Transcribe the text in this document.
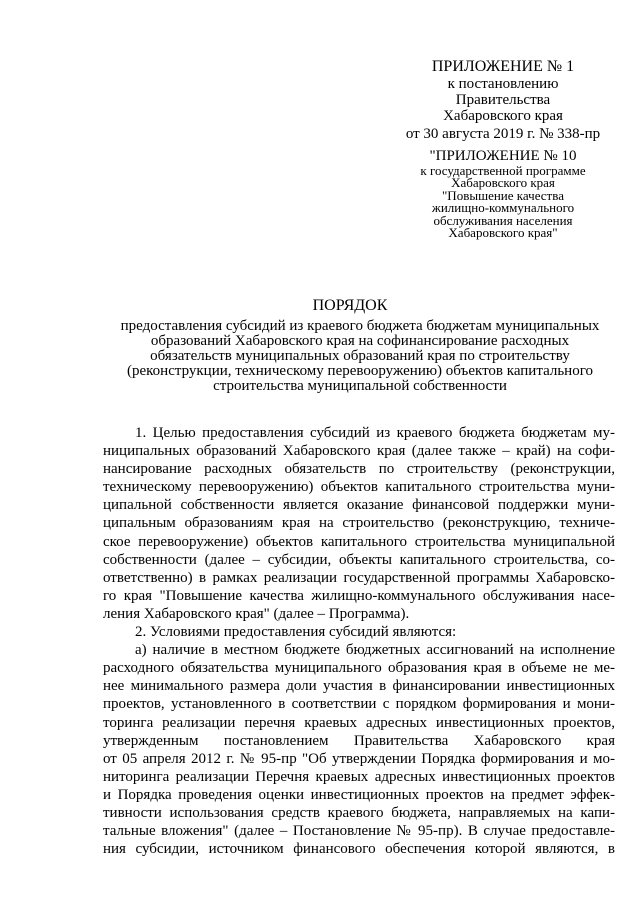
ПРИЛОЖЕНИЕ № 1
к постановлению
Правительства
Хабаровского края
от 30 августа 2019 г. № 338-пр
"ПРИЛОЖЕНИЕ № 10
к государственной программе
Хабаровского края
"Повышение качества
жилищно-коммунального
обслуживания населения
Хабаровского края"
ПОРЯДОК
предоставления субсидий из краевого бюджета бюджетам муниципальных
образований Хабаровского края на софинансирование расходных
обязательств муниципальных образований края по строительству
(реконструкции, техническому перевооружению) объектов капитального
строительства муниципальной собственности
1. Целью предоставления субсидий из краевого бюджета бюджетам му-
ниципальных образований Хабаровского края (далее также – край) на софи-
нансирование расходных обязательств по строительству (реконструкции,
техническому перевооружению) объектов капитального строительства муни-
ципальной собственности является оказание финансовой поддержки муни-
ципальным образованиям края на строительство (реконструкцию, техниче-
ское перевооружение) объектов капитального строительства муниципальной
собственности (далее – субсидии, объекты капитального строительства, со-
ответственно) в рамках реализации государственной программы Хабаровско-
го края "Повышение качества жилищно-коммунального обслуживания насе-
ления Хабаровского края" (далее – Программа).
2. Условиями предоставления субсидий являются:
а) наличие в местном бюджете бюджетных ассигнований на исполнение
расходного обязательства муниципального образования края в объеме не ме-
нее минимального размера доли участия в финансировании инвестиционных
проектов, установленного в соответствии с порядком формирования и мони-
торинга реализации перечня краевых адресных инвестиционных проектов,
утвержденным постановлением Правительства Хабаровского края
от 05 апреля 2012 г. № 95-пр "Об утверждении Порядка формирования и мо-
ниторинга реализации Перечня краевых адресных инвестиционных проектов
и Порядка проведения оценки инвестиционных проектов на предмет эффек-
тивности использования средств краевого бюджета, направляемых на капи-
тальные вложения" (далее – Постановление № 95-пр). В случае предоставле-
ния субсидии, источником финансового обеспечения которой являются, в
